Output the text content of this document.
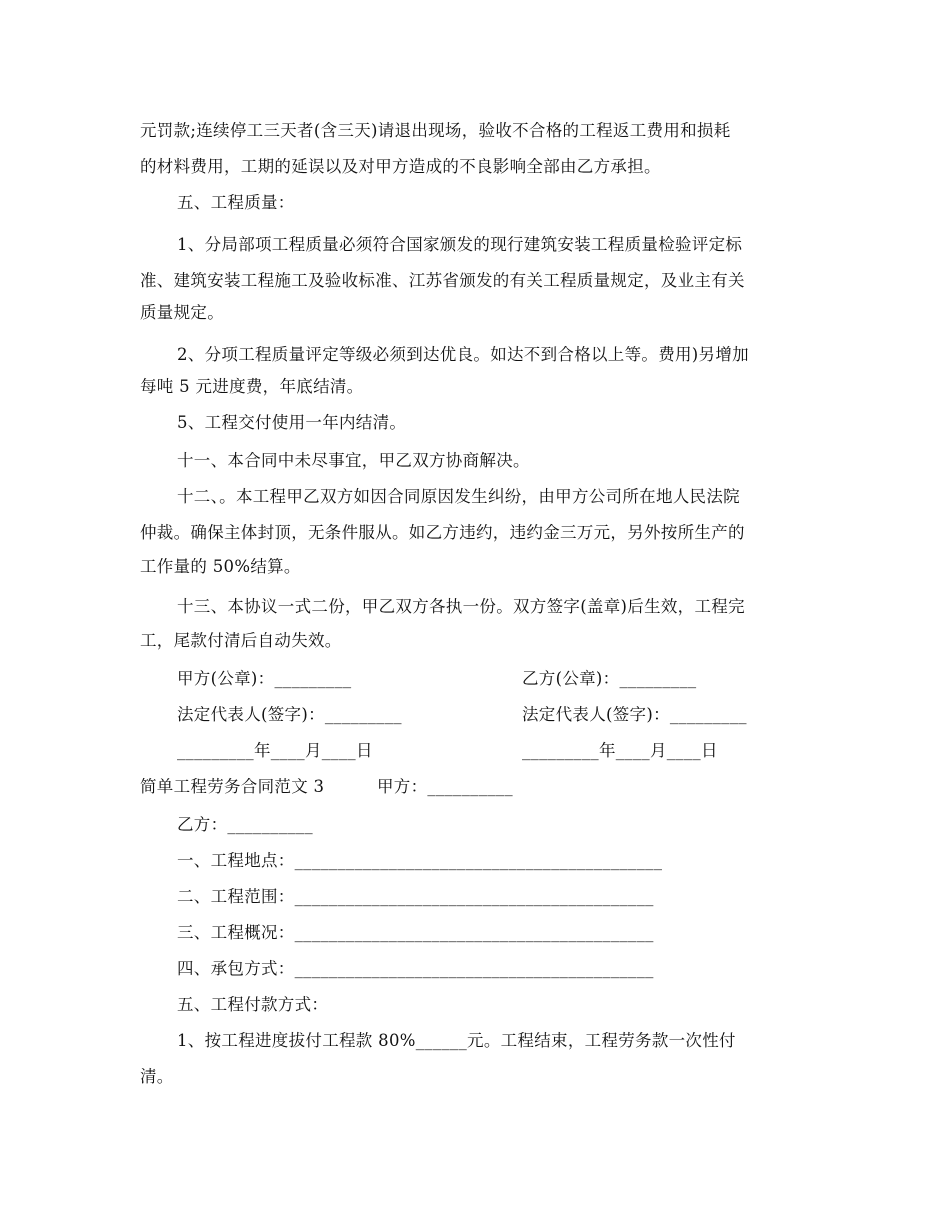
元罚款;连续停工三天者(含三天)请退出现场，验收不合格的工程返工费用和损耗
的材料费用，工期的延误以及对甲方造成的不良影响全部由乙方承担。
五、工程质量：
1、分局部项工程质量必须符合国家颁发的现行建筑安装工程质量检验评定标
准、建筑安装工程施工及验收标准、江苏省颁发的有关工程质量规定，及业主有关
质量规定。
2、分项工程质量评定等级必须到达优良。如达不到合格以上等。费用)另增加
每吨 5 元进度费，年底结清。
5、工程交付使用一年内结清。
十一、本合同中未尽事宜，甲乙双方协商解决。
十二、。本工程甲乙双方如因合同原因发生纠纷，由甲方公司所在地人民法院
仲裁。确保主体封顶，无条件服从。如乙方违约，违约金三万元，另外按所生产的
工作量的 50%结算。
十三、本协议一式二份，甲乙双方各执一份。双方签字(盖章)后生效，工程完
工，尾款付清后自动失效。
甲方(公章)：_________	乙方(公章)：_________
法定代表人(签字)：_________	法定代表人(签字)：_________
_________年____月____日	_________年____月____日
简单工程劳务合同范文 3	甲方：__________
乙方：__________
一、工程地点：___________________________________________
二、工程范围：__________________________________________
三、工程概况：__________________________________________
四、承包方式：__________________________________________
五、工程付款方式：
1、按工程进度拔付工程款 80%______元。工程结束，工程劳务款一次性付
清。
